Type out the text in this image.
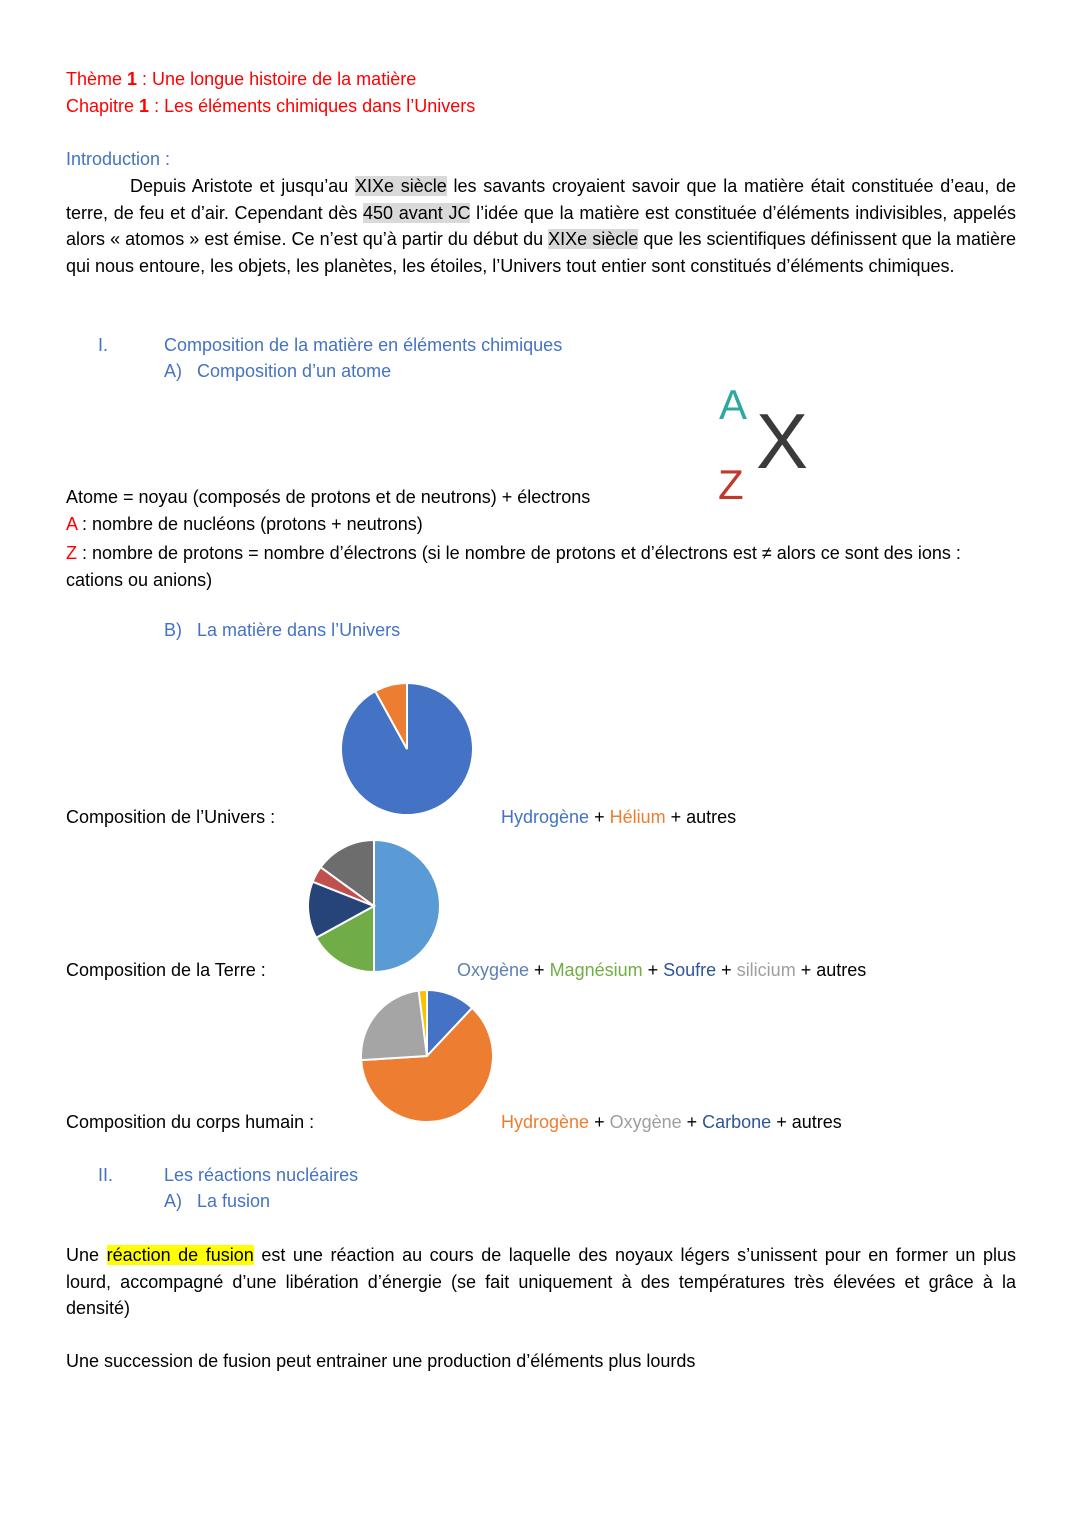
Thème 1 : Une longue histoire de la matière
Chapitre 1 : Les éléments chimiques dans l’Univers
Introduction :
Depuis Aristote et jusqu’au XIXe siècle les savants croyaient savoir que la matière était constituée d’eau, de terre, de feu et d’air. Cependant dès 450 avant JC l’idée que la matière est constituée d’éléments indivisibles, appelés alors « atomos » est émise. Ce n’est qu’à partir du début du XIXe siècle que les scientifiques définissent que la matière qui nous entoure, les objets, les planètes, les étoiles, l’Univers tout entier sont constitués d’éléments chimiques.
I.	Composition de la matière en éléments chimiques
A) Composition d’un atome
A
Z X
Atome = noyau (composés de protons et de neutrons) + électrons
A : nombre de nucléons (protons + neutrons)
Z : nombre de protons = nombre d’électrons (si le nombre de protons et d’électrons est ≠ alors ce sont des ions : cations ou anions)
B) La matière dans l’Univers
Composition de l’Univers :	Hydrogène + Hélium + autres
Composition de la Terre :	Oxygène + Magnésium + Soufre + silicium + autres
Composition du corps humain :	Hydrogène + Oxygène + Carbone + autres
II.	Les réactions nucléaires
A) La fusion
Une réaction de fusion est une réaction au cours de laquelle des noyaux légers s’unissent pour en former un plus lourd, accompagné d’une libération d’énergie (se fait uniquement à des températures très élevées et grâce à la densité)
Une succession de fusion peut entrainer une production d’éléments plus lourds
